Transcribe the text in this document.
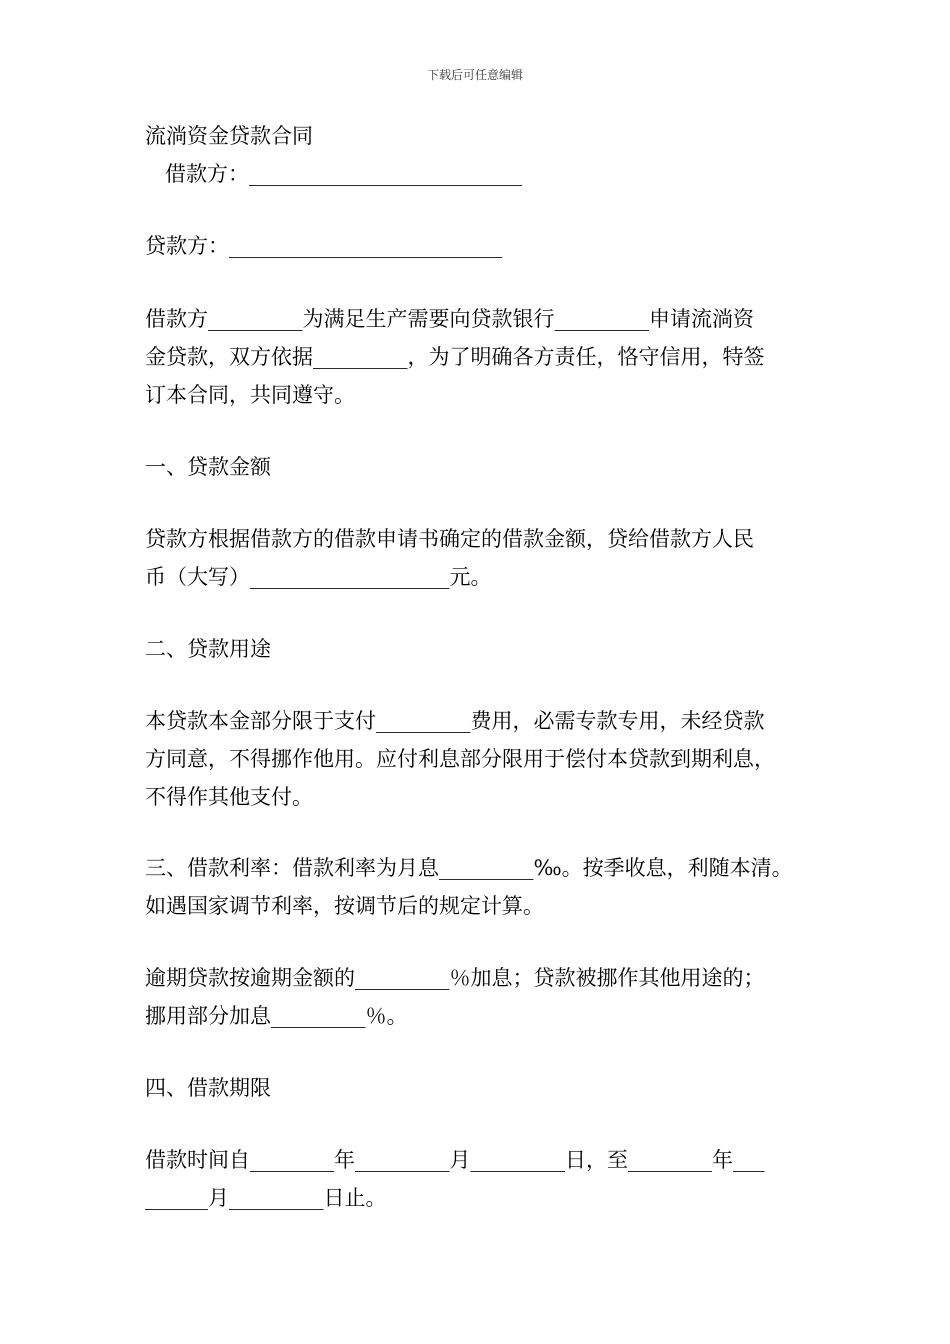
下载后可任意编辑
流淌资金贷款合同
借款方：__________________________
贷款方：__________________________
借款方_________为满足生产需要向贷款银行_________申请流淌资
金贷款，双方依据_________，为了明确各方责任，恪守信用，特签
订本合同，共同遵守。
一、贷款金额
贷款方根据借款方的借款申请书确定的借款金额，贷给借款方人民
币（大写）___________________元。
二、贷款用途
本贷款本金部分限于支付_________费用，必需专款专用，未经贷款
方同意，不得挪作他用。应付利息部分限用于偿付本贷款到期利息，
不得作其他支付。
三、借款利率：借款利率为月息_________‰。按季收息，利随本清。
如遇国家调节利率，按调节后的规定计算。
逾期贷款按逾期金额的_________％加息；贷款被挪作其他用途的；
挪用部分加息_________％。
四、借款期限
借款时间自________年_________月_________日，至________年___
______月_________日止。
